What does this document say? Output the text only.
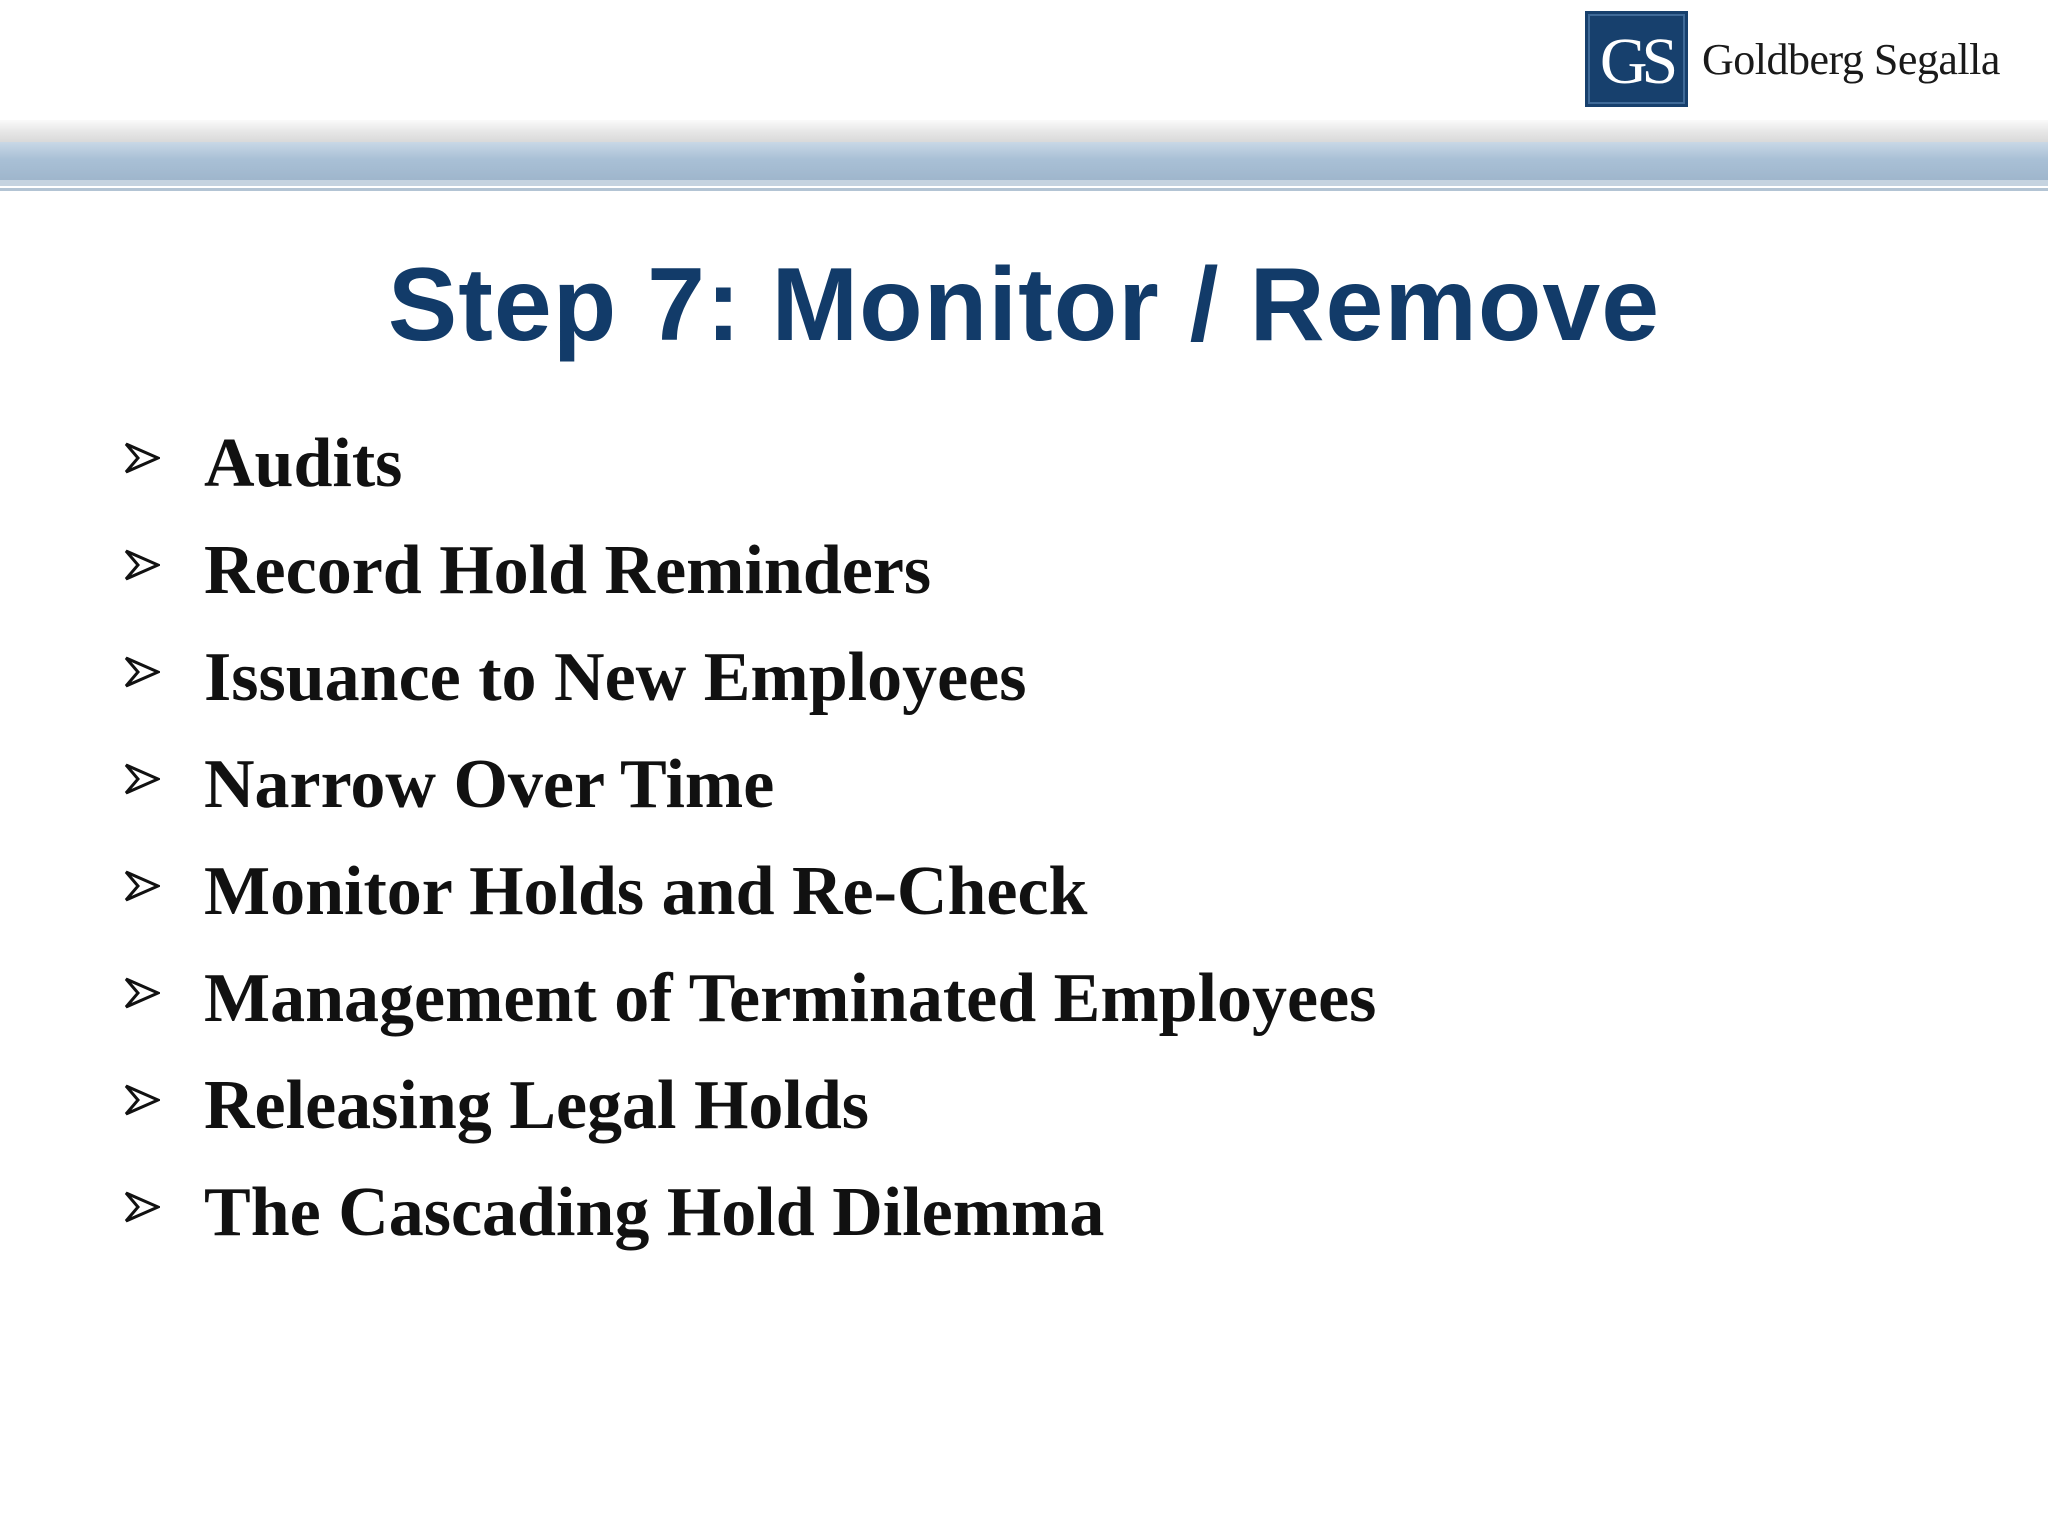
GS Goldberg Segalla
Step 7: Monitor / Remove
Audits
Record Hold Reminders
Issuance to New Employees
Narrow Over Time
Monitor Holds and Re-Check
Management of Terminated Employees
Releasing Legal Holds
The Cascading Hold Dilemma
